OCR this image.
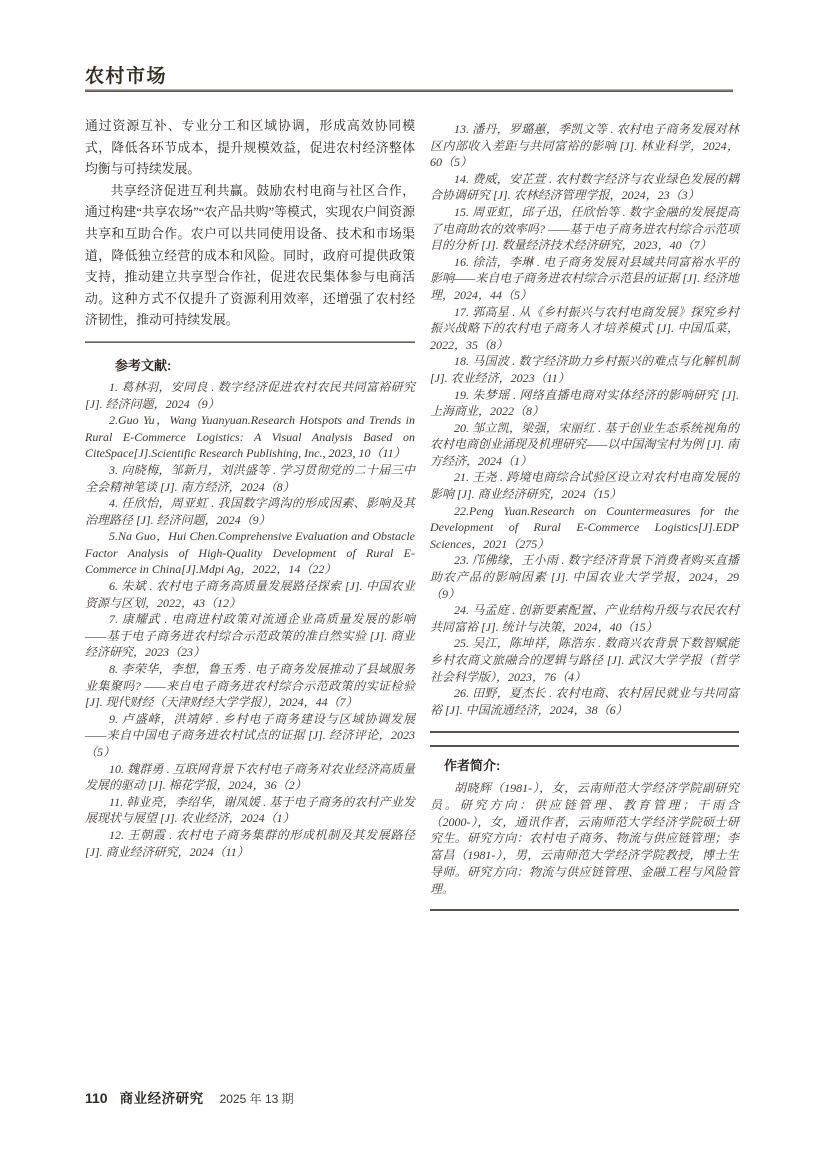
农村市场

通过资源互补、专业分工和区域协调，形成高效协同模式，降低各环节成本，提升规模效益，促进农村经济整体均衡与可持续发展。

共享经济促进互利共赢。鼓励农村电商与社区合作，通过构建“共享农场”“农产品共购”等模式，实现农户间资源共享和互助合作。农户可以共同使用设备、技术和市场渠道，降低独立经营的成本和风险。同时，政府可提供政策支持，推动建立共享型合作社，促进农民集体参与电商活动。这种方式不仅提升了资源利用效率，还增强了农村经济韧性，推动可持续发展。

参考文献:

1. 葛林羽，安同良 . 数字经济促进农村农民共同富裕研究 [J]. 经济问题，2024（9）

2.Guo Yu，Wang Yuanyuan.Research Hotspots and Trends in Rural E-Commerce Logistics: A Visual Analysis Based on CiteSpace[J].Scientific Research Publishing, Inc., 2023, 10（11）

3. 向晓梅，邹新月，刘洪盛等 . 学习贯彻党的二十届三中全会精神笔谈 [J]. 南方经济，2024（8）

4. 任欣怡，周亚虹 . 我国数字鸿沟的形成因素、影响及其治理路径 [J]. 经济问题，2024（9）

5.Na Guo，Hui Chen.Comprehensive Evaluation and Obstacle Factor Analysis of High-Quality Development of Rural E-Commerce in China[J].Mdpi Ag，2022，14（22）

6. 朱斌 . 农村电子商务高质量发展路径探索 [J]. 中国农业资源与区划，2022，43（12）

7. 康耀武 . 电商进村政策对流通企业高质量发展的影响——基于电子商务进农村综合示范政策的准自然实验 [J]. 商业经济研究，2023（23）

8. 李荣华，李想，鲁玉秀 . 电子商务发展推动了县域服务业集聚吗? ——来自电子商务进农村综合示范政策的实证检验 [J]. 现代财经（天津财经大学学报），2024，44（7）

9. 卢盛峰，洪靖婷 . 乡村电子商务建设与区域协调发展——来自中国电子商务进农村试点的证据 [J]. 经济评论，2023（5）

10. 魏群勇 . 互联网背景下农村电子商务对农业经济高质量发展的驱动 [J]. 棉花学报，2024，36（2）

11. 韩业亮，李绍华，谢凤媛 . 基于电子商务的农村产业发展现状与展望 [J]. 农业经济，2024（1）

12. 王朝霞 . 农村电子商务集群的形成机制及其发展路径 [J]. 商业经济研究，2024（11）

13. 潘丹，罗璐蕙，季凯文等 . 农村电子商务发展对林区内部收入差距与共同富裕的影响 [J]. 林业科学，2024，60（5）

14. 费威，安芷萱 . 农村数字经济与农业绿色发展的耦合协调研究 [J]. 农林经济管理学报，2024，23（3）

15. 周亚虹，邱子迅，任欣怡等 . 数字金融的发展提高了电商助农的效率吗? ——基于电子商务进农村综合示范项目的分析 [J]. 数量经济技术经济研究，2023，40（7）

16. 徐洁，李琳 . 电子商务发展对县域共同富裕水平的影响——来自电子商务进农村综合示范县的证据 [J]. 经济地理，2024，44（5）

17. 郭高星 . 从《乡村振兴与农村电商发展》探究乡村振兴战略下的农村电子商务人才培养模式 [J]. 中国瓜菜，2022，35（8）

18. 马国波 . 数字经济助力乡村振兴的难点与化解机制 [J]. 农业经济，2023（11）

19. 朱梦瑶 . 网络直播电商对实体经济的影响研究 [J]. 上海商业，2022（8）

20. 邹立凯，梁强，宋丽红 . 基于创业生态系统视角的农村电商创业涌现及机理研究——以中国淘宝村为例 [J]. 南方经济，2024（1）

21. 王尧 . 跨境电商综合试验区设立对农村电商发展的影响 [J]. 商业经济研究，2024（15）

22.Peng Yuan.Research on Countermeasures for the Development of Rural E-Commerce Logistics[J].EDP Sciences，2021（275）

23. 邝佛缘，王小雨 . 数字经济背景下消费者购买直播助农产品的影响因素 [J]. 中国农业大学学报，2024，29（9）

24. 马孟庭 . 创新要素配置、产业结构升级与农民农村共同富裕 [J]. 统计与决策，2024，40（15）

25. 吴江，陈坤祥，陈浩东 . 数商兴农背景下数智赋能乡村农商文旅融合的逻辑与路径 [J]. 武汉大学学报（哲学社会科学版），2023，76（4）

26. 田野，夏杰长 . 农村电商、农村居民就业与共同富裕 [J]. 中国流通经济，2024，38（6）

作者简介:

胡晓辉（1981-），女，云南师范大学经济学院副研究员。研究方向：供应链管理、教育管理；干雨含（2000-），女，通讯作者，云南师范大学经济学院硕士研究生。研究方向：农村电子商务、物流与供应链管理；李富昌（1981-），男，云南师范大学经济学院教授，博士生导师。研究方向：物流与供应链管理、金融工程与风险管理。

110 商业经济研究 2025 年 13 期
